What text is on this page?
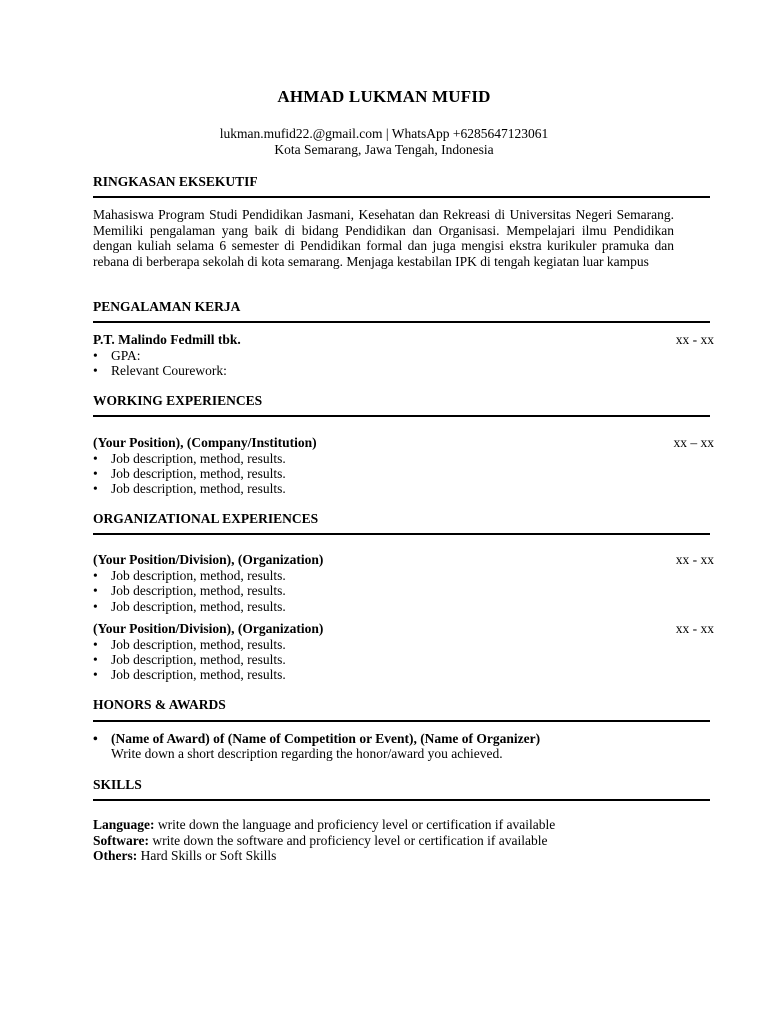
AHMAD LUKMAN MUFID
lukman.mufid22.@gmail.com | WhatsApp +6285647123061
Kota Semarang, Jawa Tengah, Indonesia
RINGKASAN EKSEKUTIF
Mahasiswa Program Studi Pendidikan Jasmani, Kesehatan dan Rekreasi di Universitas Negeri Semarang. Memiliki pengalaman yang baik di bidang Pendidikan dan Organisasi. Mempelajari ilmu Pendidikan dengan kuliah selama 6 semester di Pendidikan formal dan juga mengisi ekstra kurikuler pramuka dan rebana di berberapa sekolah di kota semarang. Menjaga kestabilan IPK di tengah kegiatan luar kampus
PENGALAMAN KERJA
P.T. Malindo Fedmill tbk.	xx - xx
• GPA:
• Relevant Courework:
WORKING EXPERIENCES
(Your Position), (Company/Institution)	xx – xx
• Job description, method, results.
• Job description, method, results.
• Job description, method, results.
ORGANIZATIONAL EXPERIENCES
(Your Position/Division), (Organization)	xx - xx
• Job description, method, results.
• Job description, method, results.
• Job description, method, results.
(Your Position/Division), (Organization)	xx - xx
• Job description, method, results.
• Job description, method, results.
• Job description, method, results.
HONORS & AWARDS
• (Name of Award) of (Name of Competition or Event), (Name of Organizer)
Write down a short description regarding the honor/award you achieved.
SKILLS
Language: write down the language and proficiency level or certification if available
Software: write down the software and proficiency level or certification if available
Others: Hard Skills or Soft Skills
